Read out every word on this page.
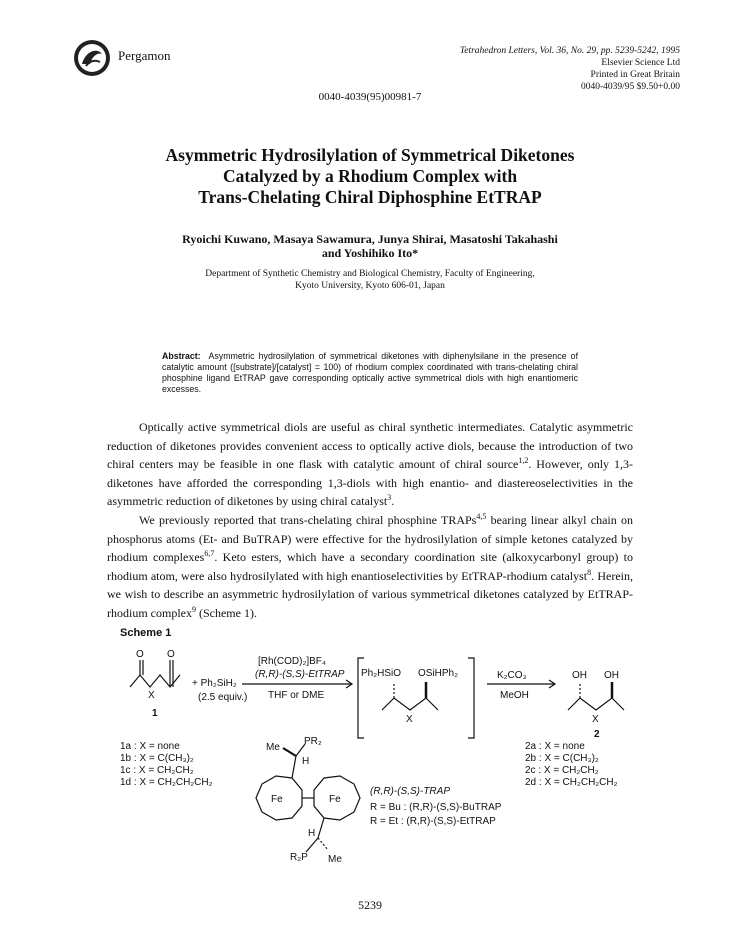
Pergamon	Tetrahedron Letters, Vol. 36, No. 29, pp. 5239-5242, 1995
Elsevier Science Ltd
Printed in Great Britain
0040-4039/95 $9.50+0.00
0040-4039(95)00981-7
Asymmetric Hydrosilylation of Symmetrical Diketones
Catalyzed by a Rhodium Complex with
Trans-Chelating Chiral Diphosphine EtTRAP
Ryoichi Kuwano, Masaya Sawamura, Junya Shirai, Masatoshi Takahashi
and Yoshihiko Ito*
Department of Synthetic Chemistry and Biological Chemistry, Faculty of Engineering,
Kyoto University, Kyoto 606-01, Japan
Abstract: Asymmetric hydrosilylation of symmetrical diketones with diphenylsilane in the presence of catalytic amount ([substrate]/[catalyst] = 100) of rhodium complex coordinated with trans-chelating chiral phosphine ligand EtTRAP gave corresponding optically active symmetrical diols with high enantiomeric excesses.

Optically active symmetrical diols are useful as chiral synthetic intermediates. Catalytic asymmetric reduction of diketones provides convenient access to optically active diols, because the introduction of two chiral centers may be feasible in one flask with catalytic amount of chiral source$^{1,2}$. However, only 1,3-diketones have afforded the corresponding 1,3-diols with high enantio- and diastereoselectivities in the asymmetric reduction of diketones by using chiral catalyst$^3$.

We previously reported that trans-chelating chiral phosphine TRAPs$^{4,5}$ bearing linear alkyl chain on phosphorus atoms (Et- and BuTRAP) were effective for the hydrosilylation of simple ketones catalyzed by rhodium complexes$^{6,7}$. Keto esters, which have a secondary coordination site (alkoxycarbonyl group) to rhodium atom, were also hydrosilylated with high enantioselectivities by EtTRAP-rhodium catalyst$^8$. Herein, we wish to describe an asymmetric hydrosilylation of various symmetrical diketones catalyzed by EtTRAP-rhodium complex$^9$ (Scheme 1).

Scheme 1
O O
X
1
+ Ph₂SiH₂
(2.5 equiv.)
[Rh(COD)₂]BF₄
(R,R)-(S,S)-EtTRAP
THF or DME
Ph₂HSiO OSiHPh₂
X
K₂CO₃
MeOH
OH OH
X
2
1a : X = none
1b : X = C(CH₃)₂
1c : X = CH₂CH₂
1d : X = CH₂CH₂CH₂
2a : X = none
2b : X = C(CH₃)₂
2c : X = CH₂CH₂
2d : X = CH₂CH₂CH₂
Me
PR₂
H
Fe	Fe
H
R₂P Me
(R,R)-(S,S)-TRAP
R = Bu : (R,R)-(S,S)-BuTRAP
R = Et : (R,R)-(S,S)-EtTRAP
5239
